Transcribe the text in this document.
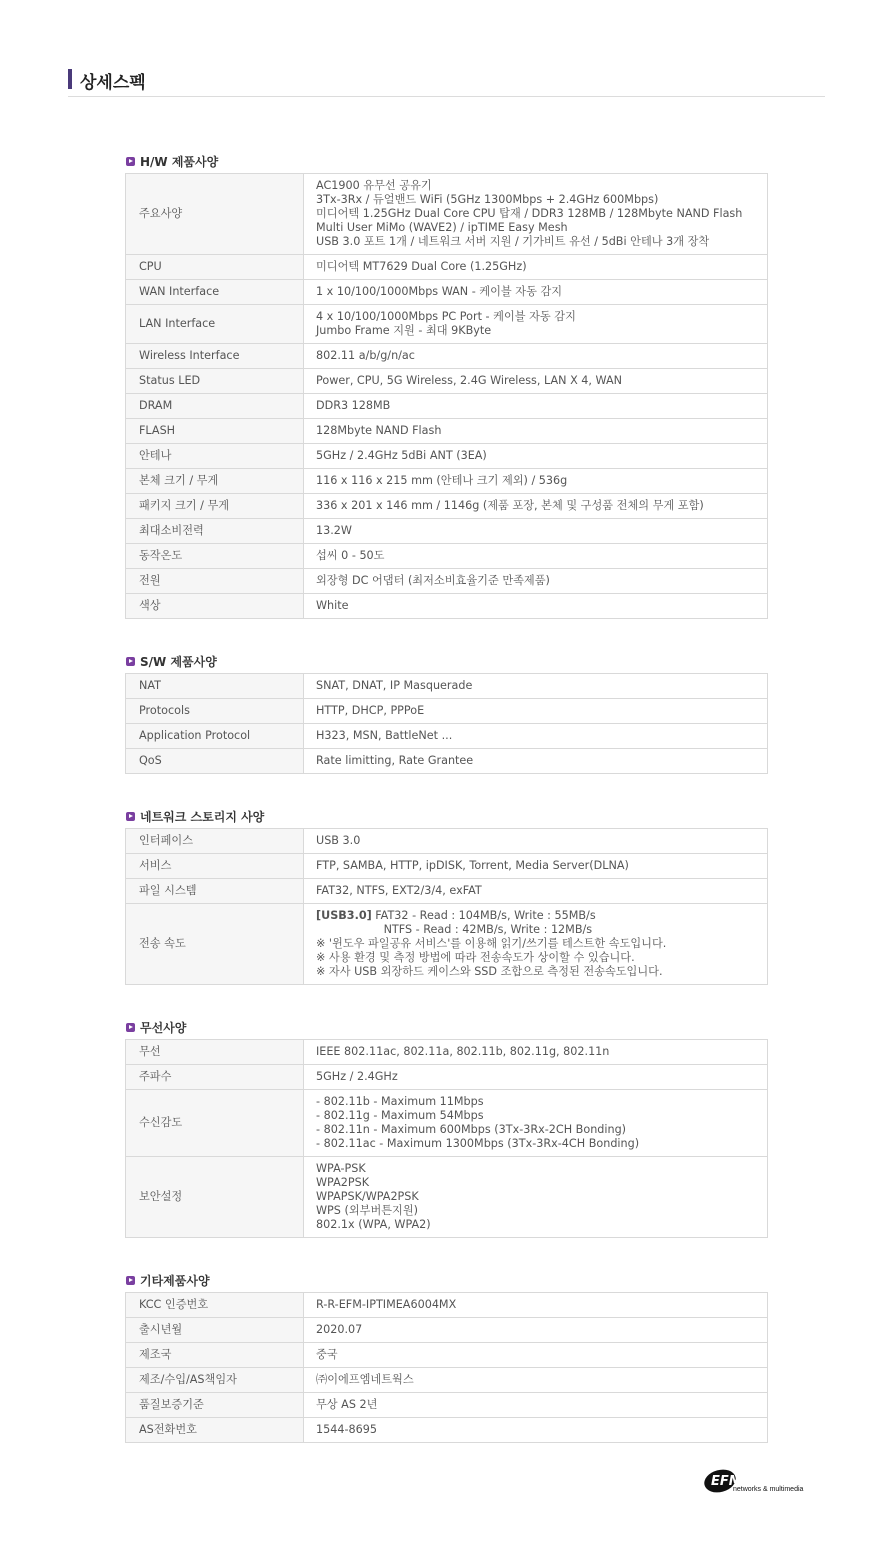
상세스펙
H/W 제품사양
주요사양	AC1900 유무선 공유기
3Tx-3Rx / 듀얼밴드 WiFi (5GHz 1300Mbps + 2.4GHz 600Mbps)
미디어텍 1.25GHz Dual Core CPU 탑재 / DDR3 128MB / 128Mbyte NAND Flash
Multi User MiMo (WAVE2) / ipTIME Easy Mesh
USB 3.0 포트 1개 / 네트워크 서버 지원 / 기가비트 유선 / 5dBi 안테나 3개 장착

CPU	미디어텍 MT7629 Dual Core (1.25GHz)

WAN Interface	1 x 10/100/1000Mbps WAN - 케이블 자동 감지

LAN Interface	4 x 10/100/1000Mbps PC Port - 케이블 자동 감지
Jumbo Frame 지원 - 최대 9KByte

Wireless Interface	802.11 a/b/g/n/ac

Status LED	Power, CPU, 5G Wireless, 2.4G Wireless, LAN X 4, WAN

DRAM	DDR3 128MB

FLASH	128Mbyte NAND Flash

안테나	5GHz / 2.4GHz 5dBi ANT (3EA)

본체 크기 / 무게	116 x 116 x 215 mm (안테나 크기 제외) / 536g

패키지 크기 / 무게	336 x 201 x 146 mm / 1146g (제품 포장, 본체 및 구성품 전체의 무게 포함)

최대소비전력	13.2W

동작온도	섭씨 0 - 50도

전원	외장형 DC 어댑터 (최저소비효율기준 만족제품)

색상	White
S/W 제품사양
NAT	SNAT, DNAT, IP Masquerade

Protocols	HTTP, DHCP, PPPoE

Application Protocol	H323, MSN, BattleNet ...

QoS	Rate limitting, Rate Grantee
네트워크 스토리지 사양
인터페이스	USB 3.0

서비스	FTP, SAMBA, HTTP, ipDISK, Torrent, Media Server(DLNA)

파일 시스템	FAT32, NTFS, EXT2/3/4, exFAT

전송 속도	[USB3.0] FAT32 - Read : 104MB/s, Write : 55MB/s
NTFS - Read : 42MB/s, Write : 12MB/s
※ '윈도우 파일공유 서비스'를 이용해 읽기/쓰기를 테스트한 속도입니다.
※ 사용 환경 및 측정 방법에 따라 전송속도가 상이할 수 있습니다.
※ 자사 USB 외장하드 케이스와 SSD 조합으로 측정된 전송속도입니다.
무선사양
무선	IEEE 802.11ac, 802.11a, 802.11b, 802.11g, 802.11n

주파수	5GHz / 2.4GHz

수신감도	- 802.11b - Maximum 11Mbps
- 802.11g - Maximum 54Mbps
- 802.11n - Maximum 600Mbps (3Tx-3Rx-2CH Bonding)
- 802.11ac - Maximum 1300Mbps (3Tx-3Rx-4CH Bonding)

보안설정	WPA-PSK
WPA2PSK
WPAPSK/WPA2PSK
WPS (외부버튼지원)
802.1x (WPA, WPA2)
기타제품사양
KCC 인증번호	R-R-EFM-IPTIMEA6004MX

출시년월	2020.07

제조국	중국

제조/수입/AS책임자	㈜이에프엠네트웍스

품질보증기준	무상 AS 2년

AS전화번호	1544-8695
EFM
networks & multimedia
